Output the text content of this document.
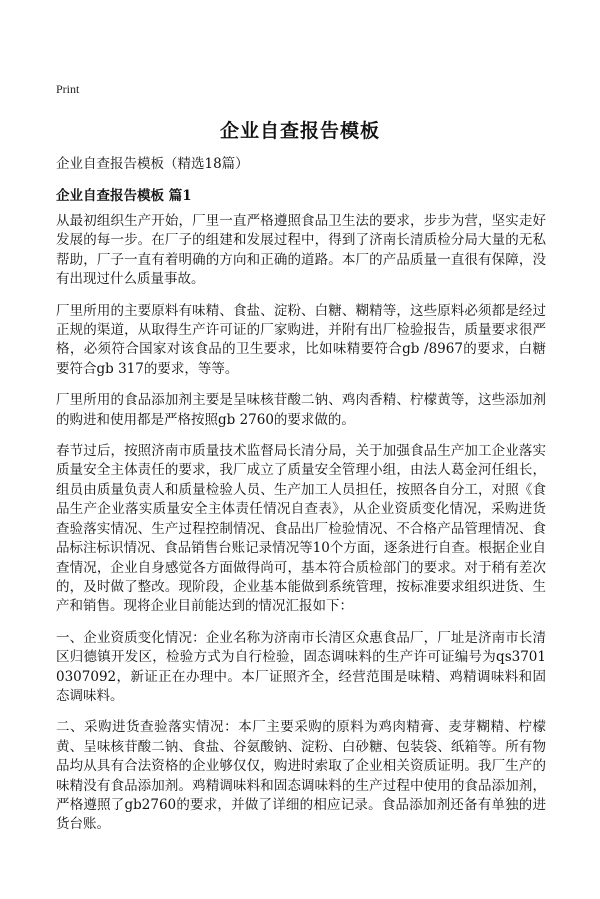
Print
企业自查报告模板
企业自查报告模板（精选18篇）
企业自查报告模板 篇1

从最初组织生产开始，厂里一直严格遵照食品卫生法的要求，步步为营，坚实走好发展的每一步。在厂子的组建和发展过程中，得到了济南长清质检分局大量的无私帮助，厂子一直有着明确的方向和正确的道路。本厂的产品质量一直很有保障，没有出现过什么质量事故。

厂里所用的主要原料有味精、食盐、淀粉、白糖、糊精等，这些原料必须都是经过正规的渠道，从取得生产许可证的厂家购进，并附有出厂检验报告，质量要求很严格，必须符合国家对该食品的卫生要求，比如味精要符合gb /8967的要求，白糖要符合gb 317的要求，等等。

厂里所用的食品添加剂主要是呈味核苷酸二钠、鸡肉香精、柠檬黄等，这些添加剂的购进和使用都是严格按照gb 2760的要求做的。

春节过后，按照济南市质量技术监督局长清分局，关于加强食品生产加工企业落实质量安全主体责任的要求，我厂成立了质量安全管理小组，由法人葛金河任组长，组员由质量负责人和质量检验人员、生产加工人员担任，按照各自分工，对照《食品生产企业落实质量安全主体责任情况自查表》，从企业资质变化情况，采购进货查验落实情况、生产过程控制情况、食品出厂检验情况、不合格产品管理情况、食品标注标识情况、食品销售台账记录情况等10个方面，逐条进行自查。根据企业自查情况，企业自身感觉各方面做得尚可，基本符合质检部门的要求。对于稍有差次的，及时做了整改。现阶段，企业基本能做到系统管理，按标准要求组织进货、生产和销售。现将企业目前能达到的情况汇报如下：

一、企业资质变化情况：企业名称为济南市长清区众惠食品厂，厂址是济南市长清区归德镇开发区，检验方式为自行检验，固态调味料的生产许可证编号为qs37010307092，新证正在办理中。本厂证照齐全，经营范围是味精、鸡精调味料和固态调味料。

二、采购进货查验落实情况：本厂主要采购的原料为鸡肉精膏、麦芽糊精、柠檬黄、呈味核苷酸二钠、食盐、谷氨酸钠、淀粉、白砂糖、包装袋、纸箱等。所有物品均从具有合法资格的企业够仅仅，购进时索取了企业相关资质证明。我厂生产的味精没有食品添加剂。鸡精调味料和固态调味料的生产过程中使用的食品添加剂，严格遵照了gb2760的要求，并做了详细的相应记录。食品添加剂还备有单独的进货台账。
